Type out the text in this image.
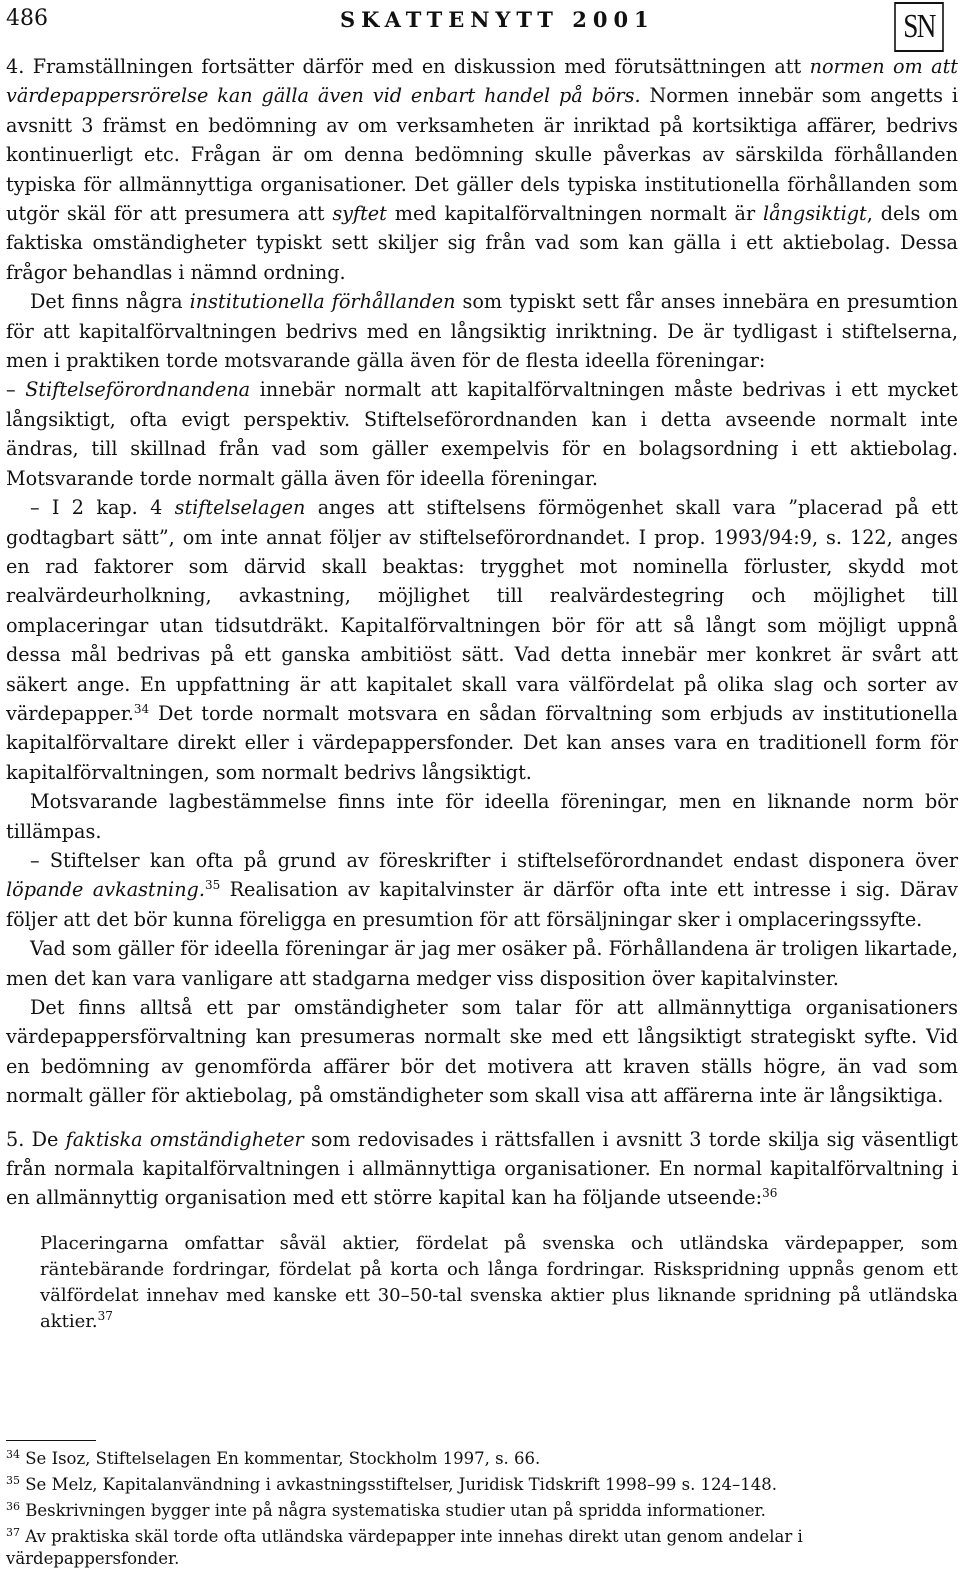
486	SKATTENYTT 2001	SN

4. Framställningen fortsätter därför med en diskussion med förutsättningen att normen om att värdepappersrörelse kan gälla även vid enbart handel på börs. Normen innebär som angetts i avsnitt 3 främst en bedömning av om verksamheten är inriktad på kortsiktiga affärer, bedrivs kontinuerligt etc. Frågan är om denna bedömning skulle påverkas av särskilda förhållanden typiska för allmännyttiga organisationer. Det gäller dels typiska institutionella förhållanden som utgör skäl för att presumera att syftet med kapitalförvaltningen normalt är långsiktigt, dels om faktiska omständigheter typiskt sett skiljer sig från vad som kan gälla i ett aktiebolag. Dessa frågor behandlas i nämnd ordning.

Det finns några institutionella förhållanden som typiskt sett får anses innebära en presumtion för att kapitalförvaltningen bedrivs med en långsiktig inriktning. De är tydligast i stiftelserna, men i praktiken torde motsvarande gälla även för de flesta ideella föreningar:

– Stiftelseförordnandena innebär normalt att kapitalförvaltningen måste bedrivas i ett mycket långsiktigt, ofta evigt perspektiv. Stiftelseförordnanden kan i detta avseende normalt inte ändras, till skillnad från vad som gäller exempelvis för en bolagsordning i ett aktiebolag. Motsvarande torde normalt gälla även för ideella föreningar.

– I 2 kap. 4 stiftelselagen anges att stiftelsens förmögenhet skall vara ”placerad på ett godtagbart sätt”, om inte annat följer av stiftelseförordnandet. I prop. 1993/94:9, s. 122, anges en rad faktorer som därvid skall beaktas: trygghet mot nominella förluster, skydd mot realvärdeurholkning, avkastning, möjlighet till realvärdestegring och möjlighet till omplaceringar utan tidsutdräkt. Kapitalförvaltningen bör för att så långt som möjligt uppnå dessa mål bedrivas på ett ganska ambitiöst sätt. Vad detta innebär mer konkret är svårt att säkert ange. En uppfattning är att kapitalet skall vara välfördelat på olika slag och sorter av värdepapper.$^{34}$ Det torde normalt motsvara en sådan förvaltning som erbjuds av institutionella kapitalförvaltare direkt eller i värdepappersfonder. Det kan anses vara en traditionell form för kapitalförvaltningen, som normalt bedrivs långsiktigt.

Motsvarande lagbestämmelse finns inte för ideella föreningar, men en liknande norm bör tillämpas.

– Stiftelser kan ofta på grund av föreskrifter i stiftelseförordnandet endast disponera över löpande avkastning.$^{35}$ Realisation av kapitalvinster är därför ofta inte ett intresse i sig. Därav följer att det bör kunna föreligga en presumtion för att försäljningar sker i omplaceringssyfte.

Vad som gäller för ideella föreningar är jag mer osäker på. Förhållandena är troligen likartade, men det kan vara vanligare att stadgarna medger viss disposition över kapitalvinster.

Det finns alltså ett par omständigheter som talar för att allmännyttiga organisationers värdepappersförvaltning kan presumeras normalt ske med ett långsiktigt strategiskt syfte. Vid en bedömning av genomförda affärer bör det motivera att kraven ställs högre, än vad som normalt gäller för aktiebolag, på omständigheter som skall visa att affärerna inte är långsiktiga.

5. De faktiska omständigheter som redovisades i rättsfallen i avsnitt 3 torde skilja sig väsentligt från normala kapitalförvaltningen i allmännyttiga organisationer. En normal kapitalförvaltning i en allmännyttig organisation med ett större kapital kan ha följande utseende:$^{36}$

Placeringarna omfattar såväl aktier, fördelat på svenska och utländska värdepapper, som räntebärande fordringar, fördelat på korta och långa fordringar. Riskspridning uppnås genom ett välfördelat innehav med kanske ett 30–50-tal svenska aktier plus liknande spridning på utländska aktier.$^{37}$

$^{34}$ Se Isoz, Stiftelselagen En kommentar, Stockholm 1997, s. 66.

$^{35}$ Se Melz, Kapitalanvändning i avkastningsstiftelser, Juridisk Tidskrift 1998–99 s. 124–148.

$^{36}$ Beskrivningen bygger inte på några systematiska studier utan på spridda informationer.

$^{37}$ Av praktiska skäl torde ofta utländska värdepapper inte innehas direkt utan genom andelar i värdepappersfonder.
